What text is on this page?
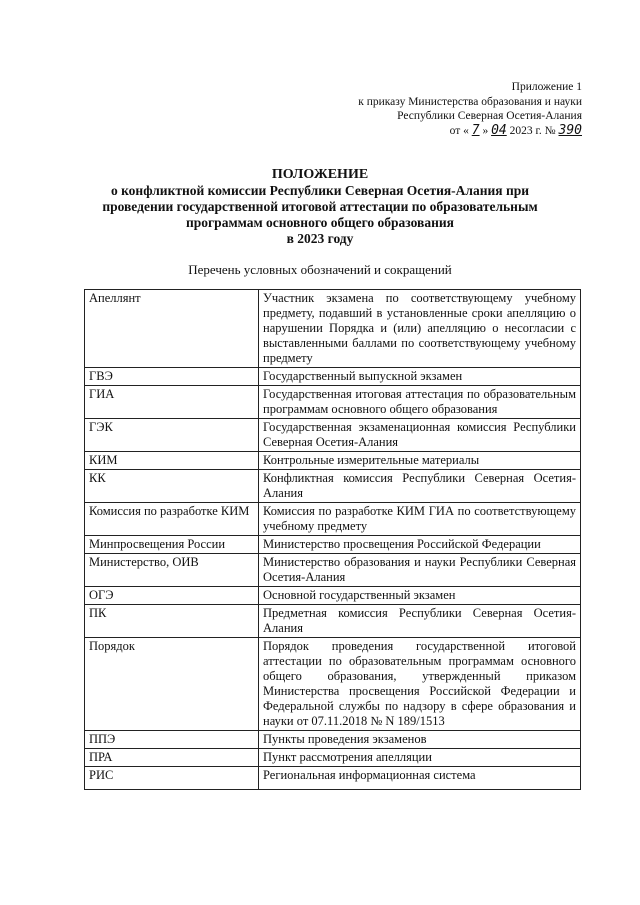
Приложение 1
к приказу Министерства образования и науки
Республики Северная Осетия-Алания
от « 7 » 04 2023 г. № 390
ПОЛОЖЕНИЕ
о конфликтной комиссии Республики Северная Осетия-Алания при
проведении государственной итоговой аттестации по образовательным
программам основного общего образования
в 2023 году
Перечень условных обозначений и сокращений
Апеллянт	Участник экзамена по соответствующему учебному предмету, подавший в установленные сроки апелляцию о нарушении Порядка и (или) апелляцию о несогласии с выставленными баллами по соответствующему учебному предмету
ГВЭ	Государственный выпускной экзамен
ГИА	Государственная итоговая аттестация по образовательным программам основного общего образования
ГЭК	Государственная экзаменационная комиссия Республики Северная Осетия-Алания
КИМ	Контрольные измерительные материалы
КК	Конфликтная комиссия Республики Северная Осетия-Алания
Комиссия по разработке КИМ	Комиссия по разработке КИМ ГИА по соответствующему учебному предмету
Минпросвещения России	Министерство просвещения Российской Федерации
Министерство, ОИВ	Министерство образования и науки Республики Северная Осетия-Алания
ОГЭ	Основной государственный экзамен
ПК	Предметная комиссия Республики Северная Осетия-Алания
Порядок	Порядок проведения государственной итоговой аттестации по образовательным программам основного общего образования, утвержденный приказом Министерства просвещения Российской Федерации и Федеральной службы по надзору в сфере образования и науки от 07.11.2018 № N 189/1513
ППЭ	Пункты проведения экзаменов
ПРА	Пункт рассмотрения апелляции
РИС	Региональная информационная система
